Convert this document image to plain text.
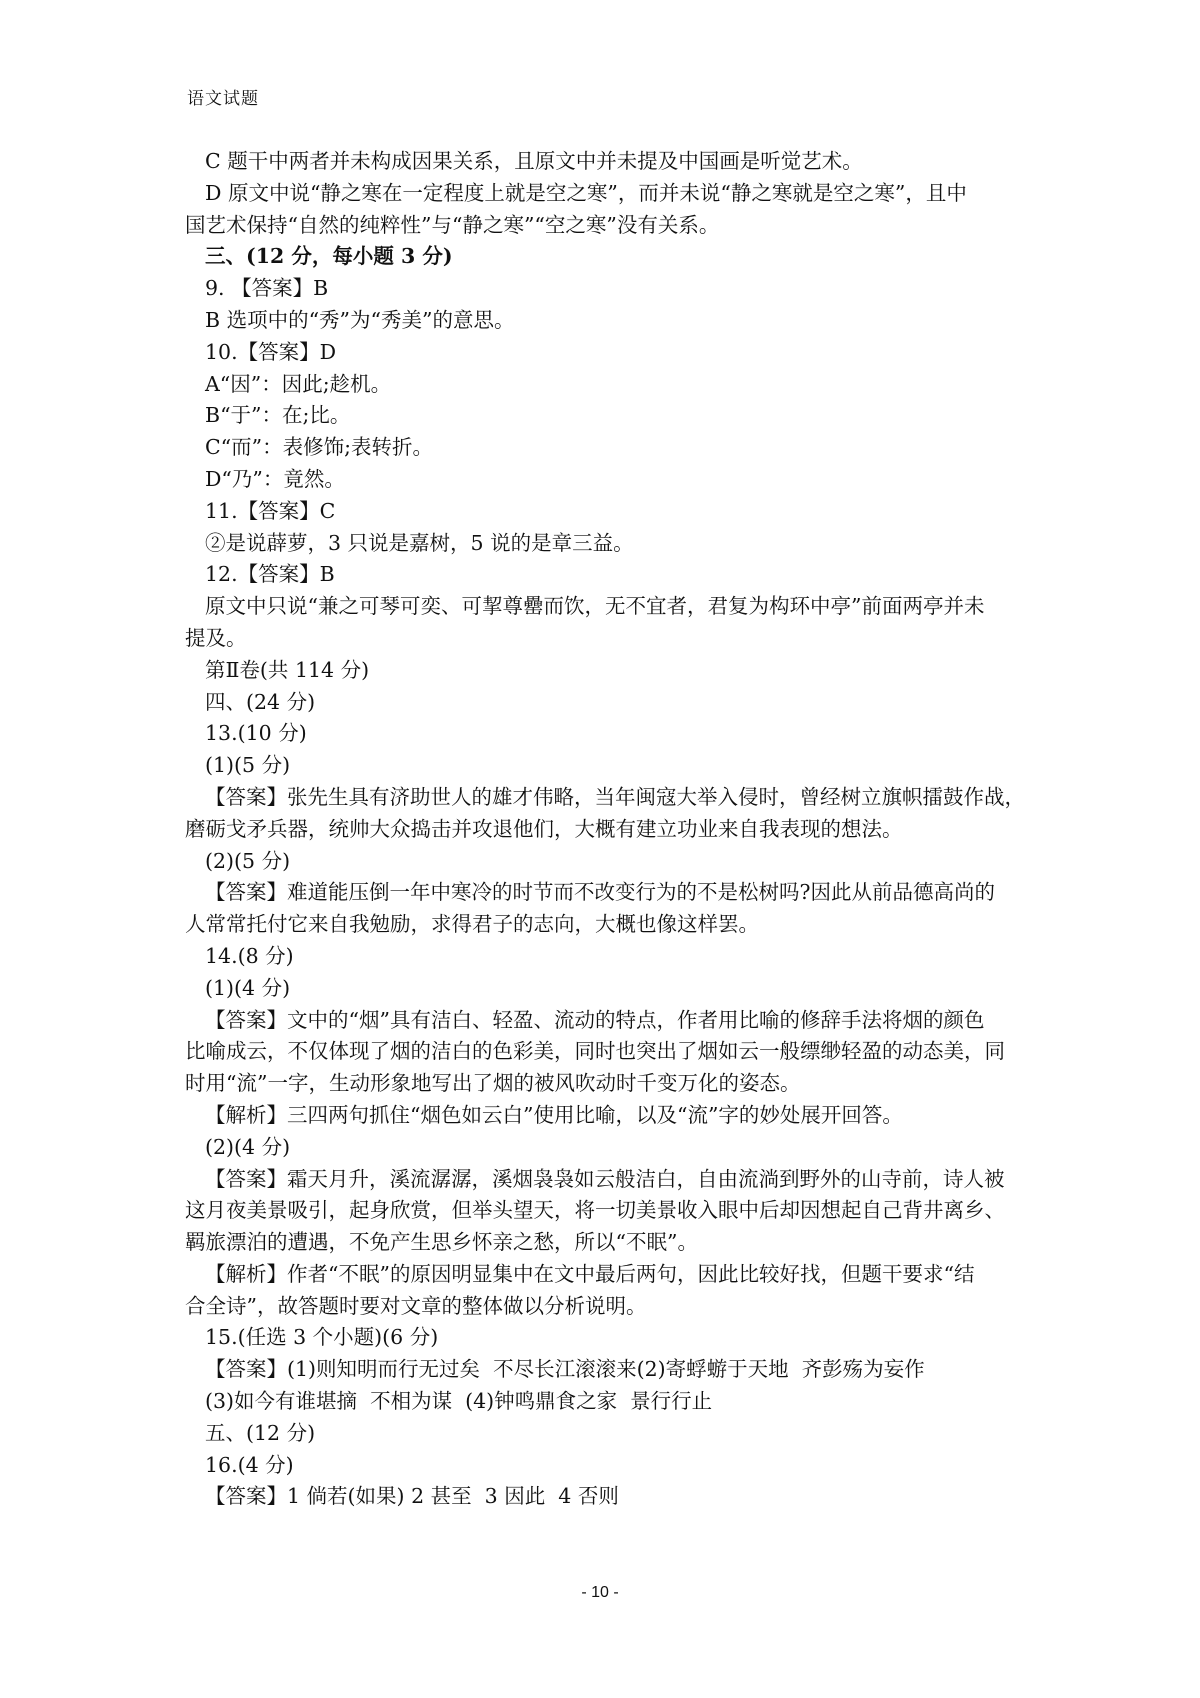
语文试题
C 题干中两者并未构成因果关系，且原文中并未提及中国画是听觉艺术。
D 原文中说“静之寒在一定程度上就是空之寒”，而并未说“静之寒就是空之寒”，且中
国艺术保持“自然的纯粹性”与“静之寒”“空之寒”没有关系。
三、(12 分，每小题 3 分)
9. 【答案】B
B 选项中的“秀”为“秀美”的意思。
10.【答案】D
A“因”：因此;趁机。
B“于”：在;比。
C“而”：表修饰;表转折。
D“乃”：竟然。
11.【答案】C
②是说薜萝，3 只说是嘉树，5 说的是章三益。
12.【答案】B
原文中只说“兼之可琴可奕、可挈尊罍而饮，无不宜者，君复为构环中亭”前面两亭并未
提及。
第Ⅱ卷(共 114 分)
四、(24 分)
13.(10 分)
(1)(5 分)
【答案】张先生具有济助世人的雄才伟略，当年闽寇大举入侵时，曾经树立旗帜擂鼓作战，
磨砺戈矛兵器，统帅大众捣击并攻退他们，大概有建立功业来自我表现的想法。
(2)(5 分)
【答案】难道能压倒一年中寒冷的时节而不改变行为的不是松树吗?因此从前品德高尚的
人常常托付它来自我勉励，求得君子的志向，大概也像这样罢。
14.(8 分)
(1)(4 分)
【答案】文中的“烟”具有洁白、轻盈、流动的特点，作者用比喻的修辞手法将烟的颜色
比喻成云，不仅体现了烟的洁白的色彩美，同时也突出了烟如云一般缥缈轻盈的动态美，同
时用“流”一字，生动形象地写出了烟的被风吹动时千变万化的姿态。
【解析】三四两句抓住“烟色如云白”使用比喻，以及“流”字的妙处展开回答。
(2)(4 分)
【答案】霜天月升，溪流潺潺，溪烟袅袅如云般洁白，自由流淌到野外的山寺前，诗人被
这月夜美景吸引，起身欣赏，但举头望天，将一切美景收入眼中后却因想起自己背井离乡、
羁旅漂泊的遭遇，不免产生思乡怀亲之愁，所以“不眠”。
【解析】作者“不眠”的原因明显集中在文中最后两句，因此比较好找，但题干要求“结
合全诗”，故答题时要对文章的整体做以分析说明。
15.(任选 3 个小题)(6 分)
【答案】(1)则知明而行无过矣  不尽长江滚滚来(2)寄蜉蝣于天地  齐彭殇为妄作
(3)如今有谁堪摘  不相为谋  (4)钟鸣鼎食之家  景行行止
五、(12 分)
16.(4 分)
【答案】1 倘若(如果) 2 甚至  3 因此  4 否则
- 10 -
